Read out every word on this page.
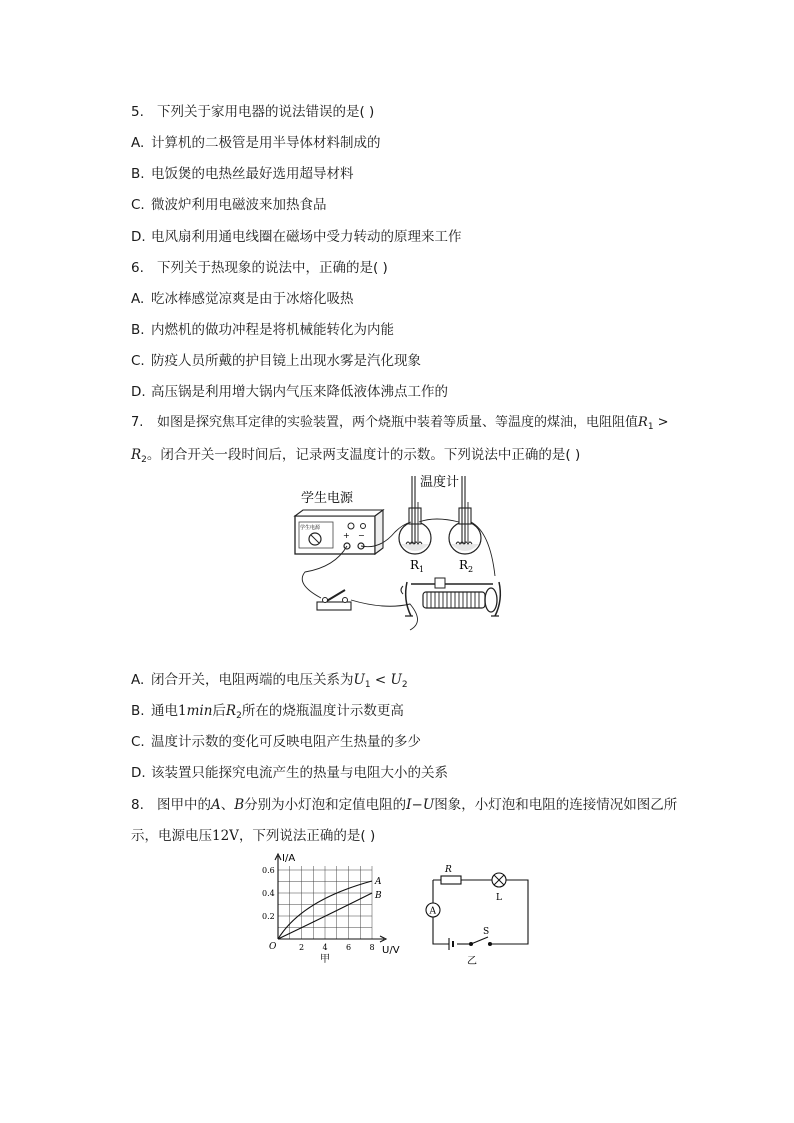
5. 下列关于家用电器的说法错误的是( )
A. 计算机的二极管是用半导体材料制成的
B. 电饭煲的电热丝最好选用超导材料
C. 微波炉利用电磁波来加热食品
D. 电风扇利用通电线圈在磁场中受力转动的原理来工作
6. 下列关于热现象的说法中，正确的是( )
A. 吃冰棒感觉凉爽是由于冰熔化吸热
B. 内燃机的做功冲程是将机械能转化为内能
C. 防疫人员所戴的护目镜上出现水雾是汽化现象
D. 高压锅是利用增大锅内气压来降低液体沸点工作的
7. 如图是探究焦耳定律的实验装置，两个烧瓶中装着等质量、等温度的煤油，电阻阻值$R_1$ >
$R_2$。闭合开关一段时间后，记录两支温度计的示数。下列说法中正确的是( )
学生电源
+ −
学生电源
温度计
$R_1$	$R_2$
A. 闭合开关，电阻两端的电压关系为$U_1 < U_2$
B. 通电1min后$R_2$所在的烧瓶温度计示数更高
C. 温度计示数的变化可反映电阻产生热量的多少
D. 该装置只能探究电流产生的热量与电阻大小的关系
8. 图甲中的A、B分别为小灯泡和定值电阻的I−U图象，小灯泡和电阻的连接情况如图乙所
示，电源电压12V，下列说法正确的是( )
I/A
U/V
O
0.6
0.4
0.2
2 4 6 8
A
B
甲
R
L
A
S
乙
